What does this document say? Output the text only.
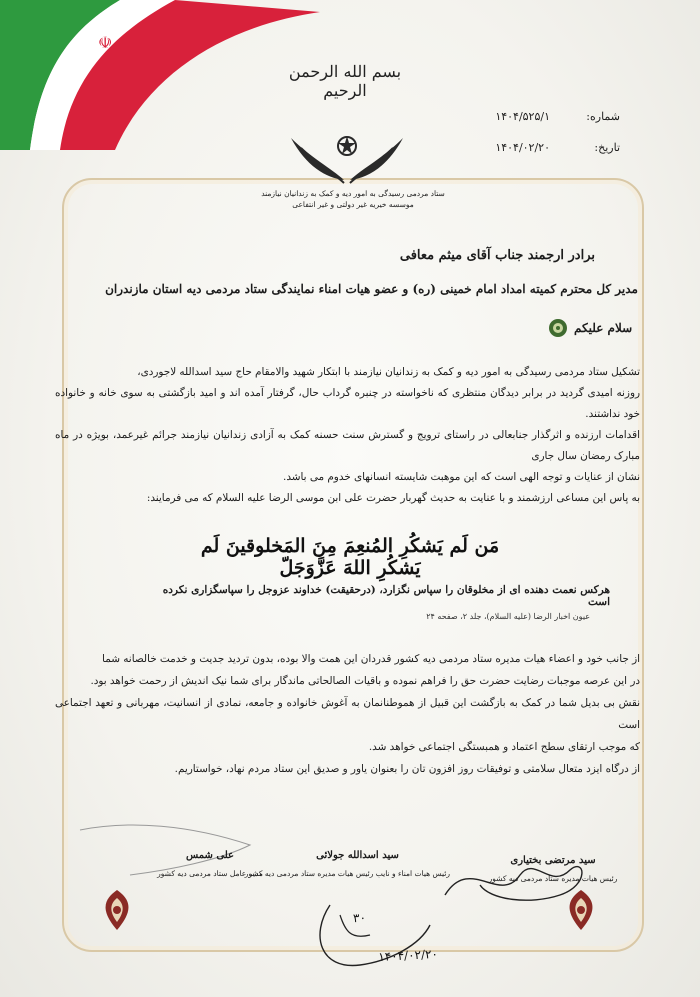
☫
بسم الله الرحمن الرحیم
شماره:
۱۴۰۴/۵۲۵/۱
تاریخ:
۱۴۰۴/۰۲/۲۰
ستاد مردمی رسیدگی به امور دیه و کمک به زندانیان نیازمند
موسسه خیریه غیر دولتی و غیر انتفاعی
برادر ارجمند جناب آقای میثم معافی
مدیر کل محترم کمیته امداد امام خمینی (ره) و عضو هیات امناء نمایندگی ستاد مردمی دیه استان مازندران
سلام علیکم

تشکیل ستاد مردمی رسیدگی به امور دیه و کمک به زندانیان نیازمند با ابتکار شهید والامقام حاج سید اسدالله لاجوردی،

روزنه امیدی گردید در برابر دیدگان منتظری که ناخواسته در چنبره گرداب حال، گرفتار آمده اند و امید بازگشتی به سوی خانه و خانواده خود نداشتند.

اقدامات ارزنده و اثرگذار جنابعالی در راستای ترویج و گسترش سنت حسنه کمک به آزادی زندانیان نیازمند جرائم غیرعمد، بویژه در ماه مبارک رمضان سال جاری

نشان از عنایات و توجه الهی است که این موهبت شایسته انسانهای خدوم می باشد.

به پاس این مساعی ارزشمند و با عنایت به حدیث گهربار حضرت علی ابن موسی الرضا علیه السلام که می فرمایند:

مَن لَم یَشکُرِ المُنعِمَ مِنَ المَخلوقینَ لَم یَشکُرِ اللهَ عَزَّوَجَلّ
هرکس نعمت دهنده ای از مخلوقان را سپاس نگزارد، (درحقیقت) خداوند عزوجل را سپاسگزاری نکرده است
عیون اخبار الرضا (علیه السلام)، جلد ۲، صفحه ۲۴

از جانب خود و اعضاء هیات مدیره ستاد مردمی دیه کشور قدردان این همت والا بوده، بدون تردید جدیت و خدمت خالصانه شما

در این عرصه موجبات رضایت حضرت حق را فراهم نموده و باقیات الصالحاتی ماندگار برای شما نیک اندیش از رحمت خواهد بود.

نقش بی بدیل شما در کمک به بازگشت این قبیل از هموطنانمان به آغوش خانواده و جامعه، نمادی از انسانیت، مهربانی و تعهد اجتماعی است

که موجب ارتقای سطح اعتماد و همبستگی اجتماعی خواهد شد.

از درگاه ایزد متعال سلامتی و توفیقات روز افزون تان را بعنوان یاور و صدیق این ستاد مردم نهاد، خواستاریم.

سید مرتضی بختیاری
رئیس هیات مدیره ستاد مردمی دیه کشور
سید اسدالله جولائی
رئیس هیات امناء و نایب رئیس هیات مدیره ستاد مردمی دیه کشور
علی شمس
مدیر عامل ستاد مردمی دیه کشور
۳۰
۱۴۰۴/۰۲/۲۰
